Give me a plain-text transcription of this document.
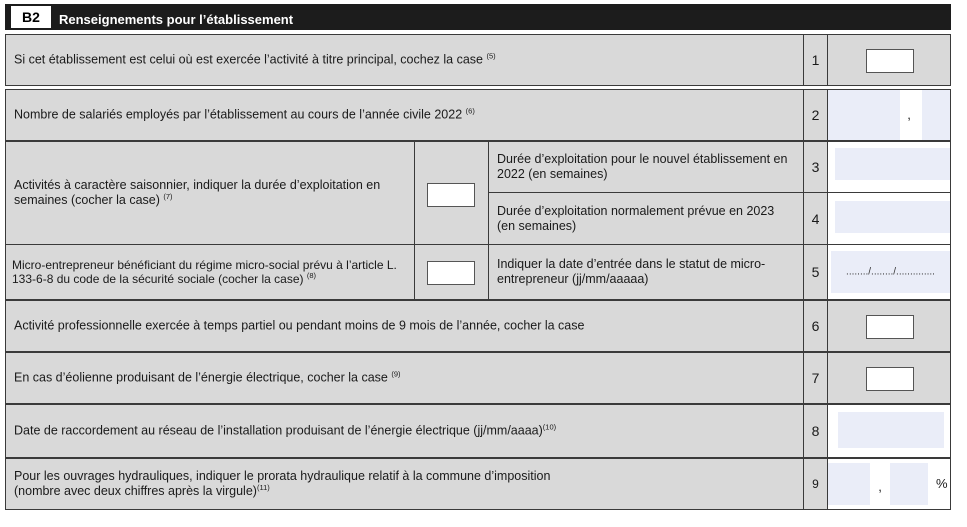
B2	Renseignements pour l’établissement
Si cet établissement est celui où est exercée l’activité à titre principal, cochez la case $^{(5)}$	1
Nombre de salariés employés par l’établissement au cours de l’année civile 2022 $^{(6)}$	2	,
Activités à caractère saisonnier, indiquer la durée d’exploitation en semaines (cocher la case) $^{(7)}$
Durée d’exploitation pour le nouvel établissement en 2022 (en semaines)	3
Durée d’exploitation normalement prévue en 2023 (en semaines)	4
Micro-entrepreneur bénéficiant du régime micro-social prévu à l’article L. 133-6-8 du code de la sécurité sociale (cocher la case) $^{(8)}$
Indiquer la date d’entrée dans le statut de micro-entrepreneur (jj/mm/aaaaa)	5	......../......../..............
Activité professionnelle exercée à temps partiel ou pendant moins de 9 mois de l’année, cocher la case	6
En cas d’éolienne produisant de l’énergie électrique, cocher la case $^{(9)}$	7
Date de raccordement au réseau de l’installation produisant de l’énergie électrique (jj/mm/aaaa)$^{(10)}$	8
Pour les ouvrages hydrauliques, indiquer le prorata hydraulique relatif à la commune d’imposition
(nombre avec deux chiffres après la virgule)$^{(11)}$	9	,	%
